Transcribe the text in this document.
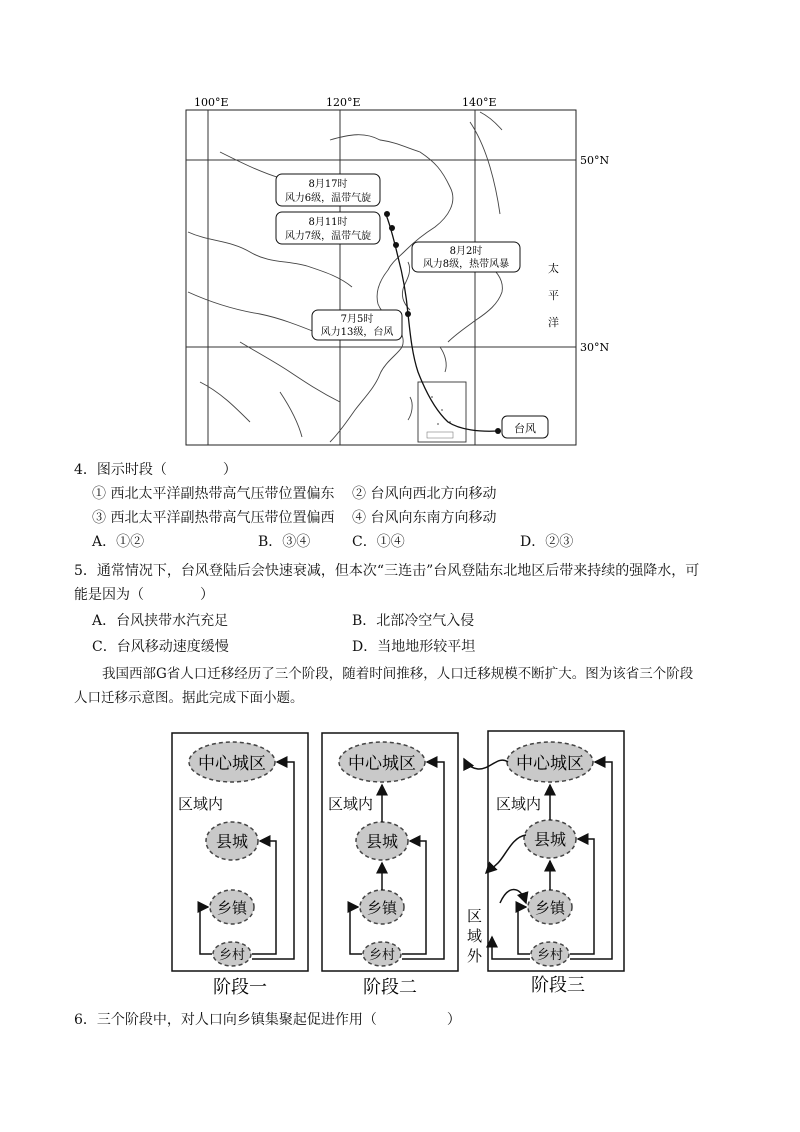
100°E	120°E	140°E
50°N
30°N
8月17时
风力6级，温带气旋
8月11时
风力7级，温带气旋
8月2时
风力8级，热带风暴
7月5时
风力13级，台风
台风
太
平
洋
4．图示时段（　　　　）
① 西北太平洋副热带高气压带位置偏东 ② 台风向西北方向移动
③ 西北太平洋副热带高气压带位置偏西 ④ 台风向东南方向移动
A．①②	B．③④	C．①④	D．②③
5．通常情况下，台风登陆后会快速衰减，但本次“三连击”台风登陆东北地区后带来持续的强降水，可
能是因为（　　　　）
A．台风挟带水汽充足	B．北部冷空气入侵
C．台风移动速度缓慢	D．当地地形较平坦
我国西部G省人口迁移经历了三个阶段，随着时间推移，人口迁移规模不断扩大。图为该省三个阶段
人口迁移示意图。据此完成下面小题。
中心城区
区域内
县城
乡镇
乡村
阶段一
中心城区
区域内
县城
乡镇
乡村
阶段二
中心城区
区域内
县城
乡镇
乡村
区
域
外
阶段三
6．三个阶段中，对人口向乡镇集聚起促进作用（　　　　　）
